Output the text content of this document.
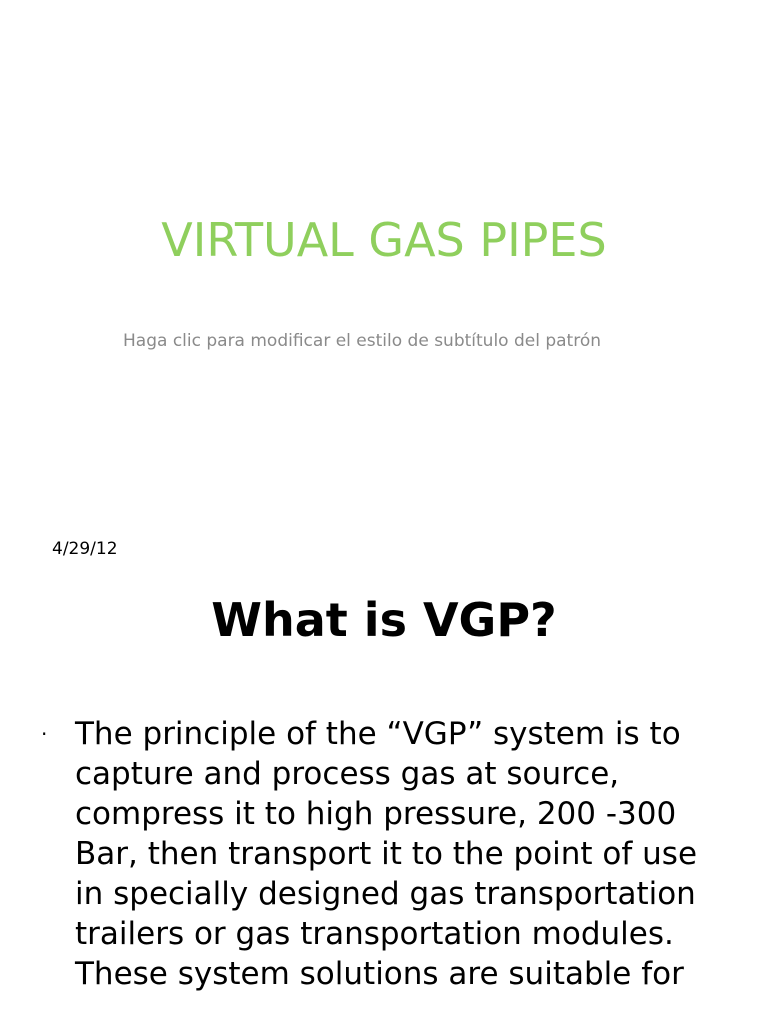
VIRTUAL GAS PIPES

Haga clic para modificar el estilo de subtítulo del patrón

4/29/12
What is VGP?
· The principle of the “VGP” system is to capture and process gas at source, compress it to high pressure, 200 -300 Bar, then transport it to the point of use in specially designed gas transportation trailers or gas transportation modules. These system solutions are suitable for
